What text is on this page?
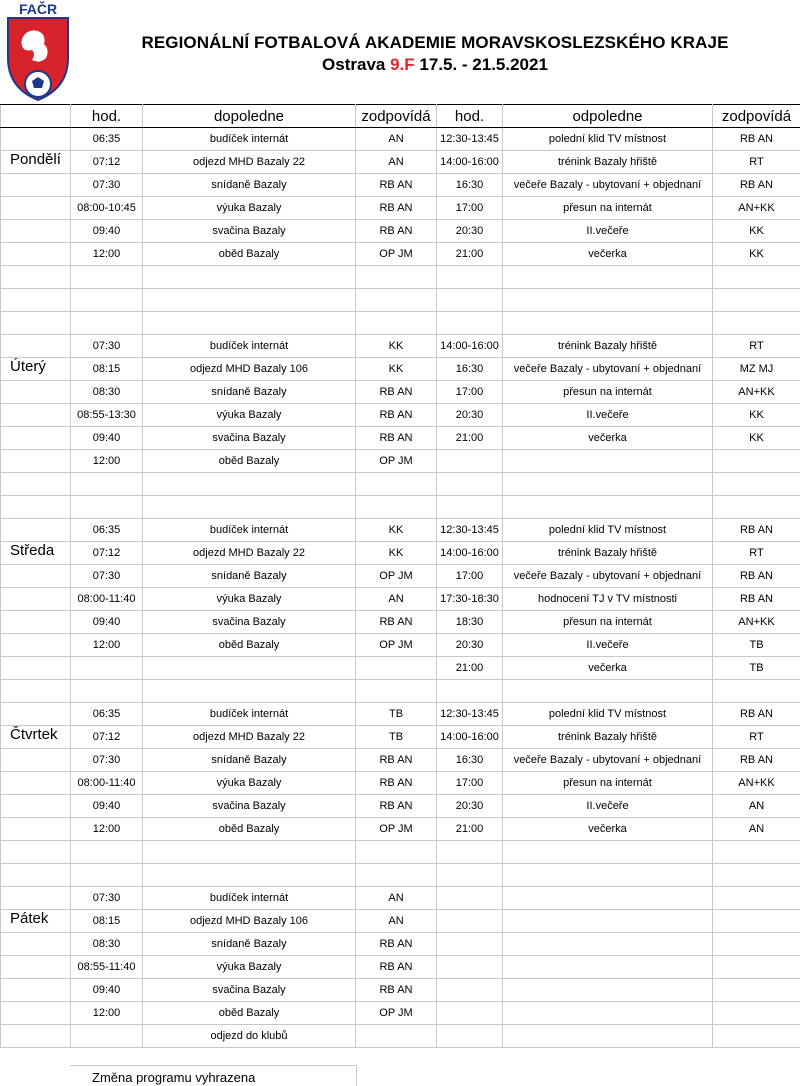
FAČR
REGIONÁLNÍ FOTBALOVÁ AKADEMIE MORAVSKOSLEZSKÉHO KRAJE
Ostrava 9.F 17.5. - 21.5.2021
	hod.	dopoledne	zodpovídá	hod.	odpoledne	zodpovídá
	06:35	budíček internát	AN	12:30-13:45	polední klid TV místnost	RB AN
Pondělí	07:12	odjezd MHD Bazaly 22	AN	14:00-16:00	trénink Bazaly hřiště	RT
	07:30	snídaně Bazaly	RB AN	16:30	večeře Bazaly - ubytovaní + objednaní	RB AN
	08:00-10:45	výuka Bazaly	RB AN	17:00	přesun na internát	AN+KK
	09:40	svačina Bazaly	RB AN	20:30	II.večeře	KK
	12:00	oběd Bazaly	OP JM	21:00	večerka	KK

	07:30	budíček internát	KK	14:00-16:00	trénink Bazaly hřiště	RT
Úterý	08:15	odjezd MHD Bazaly 106	KK	16:30	večeře Bazaly - ubytovaní + objednaní	MZ MJ
	08:30	snídaně Bazaly	RB AN	17:00	přesun na internát	AN+KK
	08:55-13:30	výuka Bazaly	RB AN	20:30	II.večeře	KK
	09:40	svačina Bazaly	RB AN	21:00	večerka	KK
	12:00	oběd Bazaly	OP JM			

	06:35	budíček internát	KK	12:30-13:45	polední klid TV místnost	RB AN
Středa	07:12	odjezd MHD Bazaly 22	KK	14:00-16:00	trénink Bazaly hřiště	RT
	07:30	snídaně Bazaly	OP JM	17:00	večeře Bazaly - ubytovaní + objednaní	RB AN
	08:00-11:40	výuka Bazaly	AN	17:30-18:30	hodnocení TJ v TV místnosti	RB AN
	09:40	svačina Bazaly	RB AN	18:30	přesun na internát	AN+KK
	12:00	oběd Bazaly	OP JM	20:30	II.večeře	TB
				21:00	večerka	TB

	06:35	budíček internát	TB	12:30-13:45	polední klid TV místnost	RB AN
Čtvrtek	07:12	odjezd MHD Bazaly 22	TB	14:00-16:00	trénink Bazaly hřiště	RT
	07:30	snídaně Bazaly	RB AN	16:30	večeře Bazaly - ubytovaní + objednaní	RB AN
	08:00-11:40	výuka Bazaly	RB AN	17:00	přesun na internát	AN+KK
	09:40	svačina Bazaly	RB AN	20:30	II.večeře	AN
	12:00	oběd Bazaly	OP JM	21:00	večerka	AN

	07:30	budíček internát	AN			
Pátek	08:15	odjezd MHD Bazaly 106	AN			
	08:30	snídaně Bazaly	RB AN			
	08:55-11:40	výuka Bazaly	RB AN			
	09:40	svačina Bazaly	RB AN			
	12:00	oběd Bazaly	OP JM			
		odjezd do klubů				
Změna programu vyhrazena
